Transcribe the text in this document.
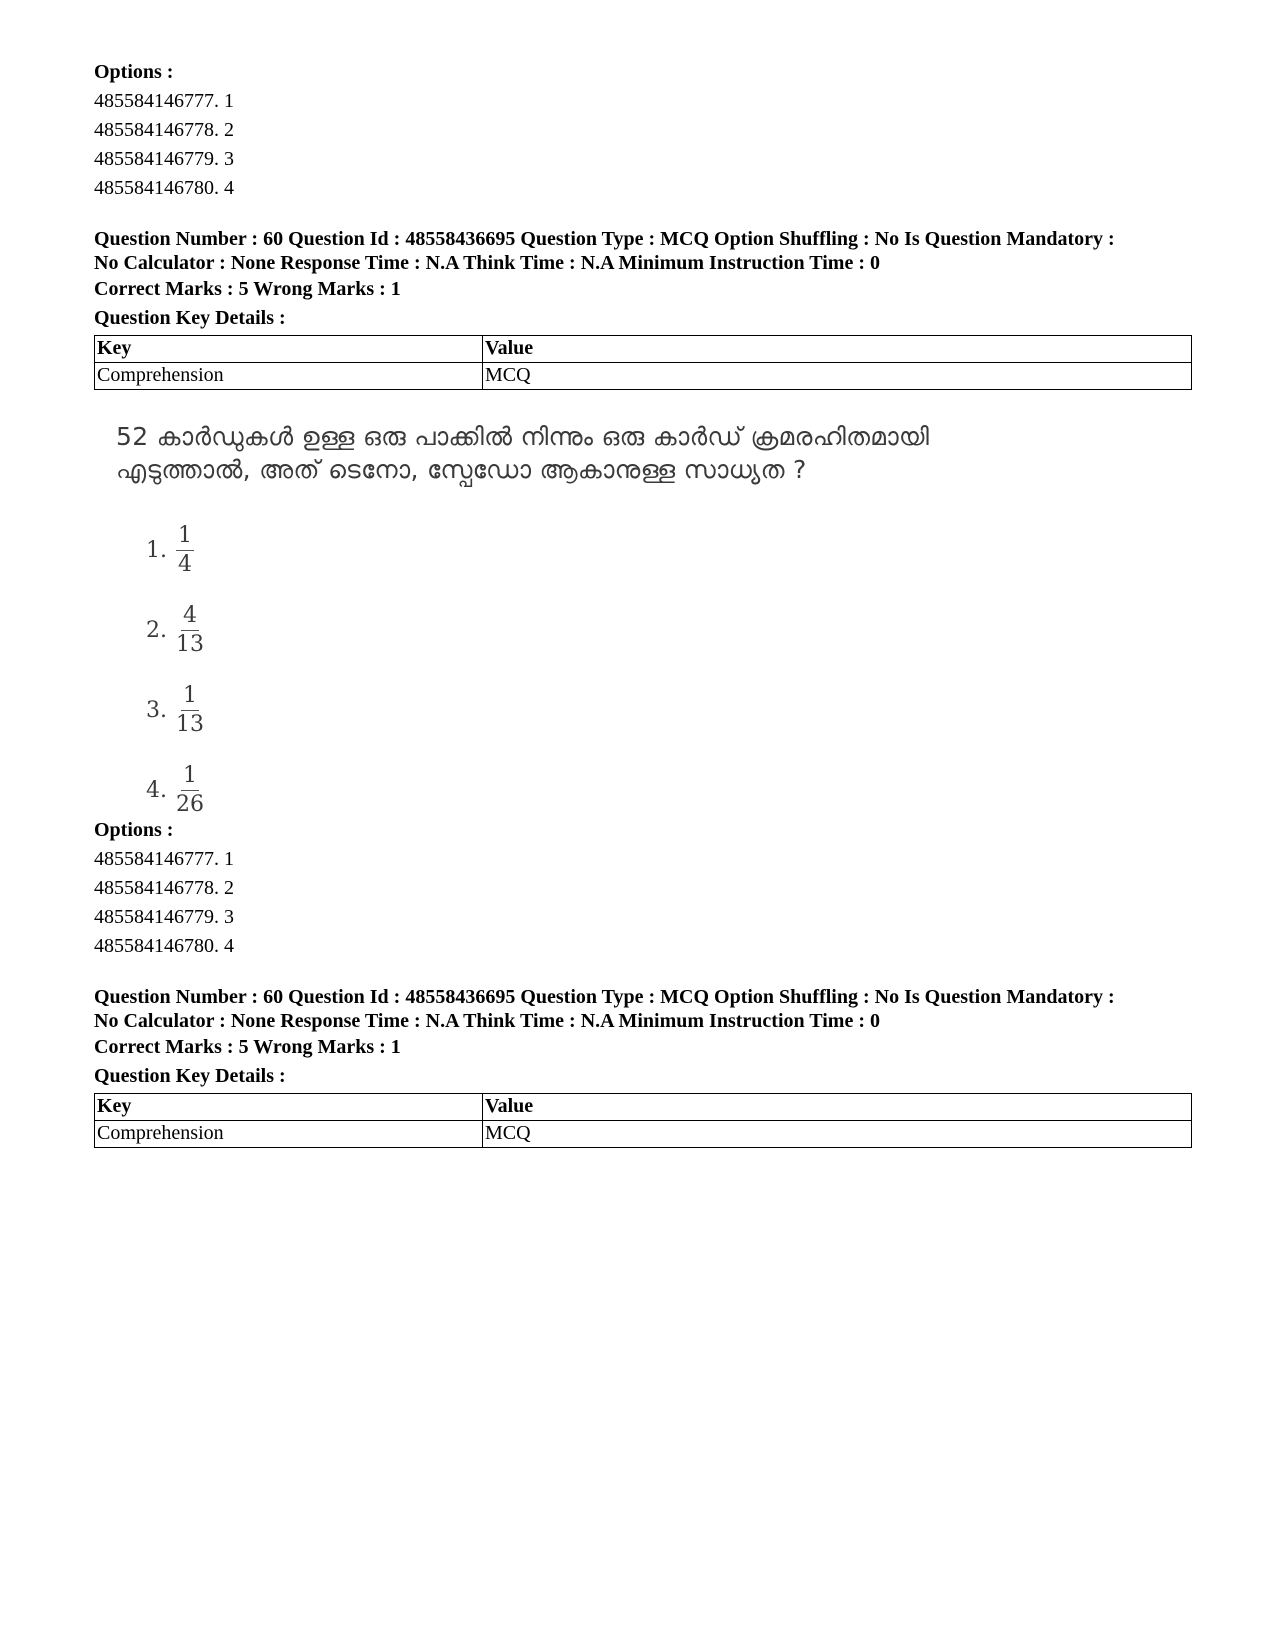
Options :

485584146777. 1

485584146778. 2

485584146779. 3

485584146780. 4

Question Number : 60 Question Id : 48558436695 Question Type : MCQ Option Shuffling : No Is Question Mandatory :

No Calculator : None Response Time : N.A Think Time : N.A Minimum Instruction Time : 0

Correct Marks : 5 Wrong Marks : 1

Question Key Details :

Key	Value
Comprehension	MCQ

52 കാർഡുകൾ ഉള്ള ഒരു പാക്കിൽ നിന്നും ഒരു കാർഡ് ക്രമരഹിതമായി

എടുത്താൽ, അത് ടെനോ, സ്പേഡോ ആകാനുള്ള സാധ്യത ?

1. $\frac{1}{4}$
2. $\frac{4}{13}$
3. $\frac{1}{13}$
4. $\frac{1}{26}$

Options :

485584146777. 1

485584146778. 2

485584146779. 3

485584146780. 4

Question Number : 60 Question Id : 48558436695 Question Type : MCQ Option Shuffling : No Is Question Mandatory :

No Calculator : None Response Time : N.A Think Time : N.A Minimum Instruction Time : 0

Correct Marks : 5 Wrong Marks : 1

Question Key Details :

Key	Value
Comprehension	MCQ
